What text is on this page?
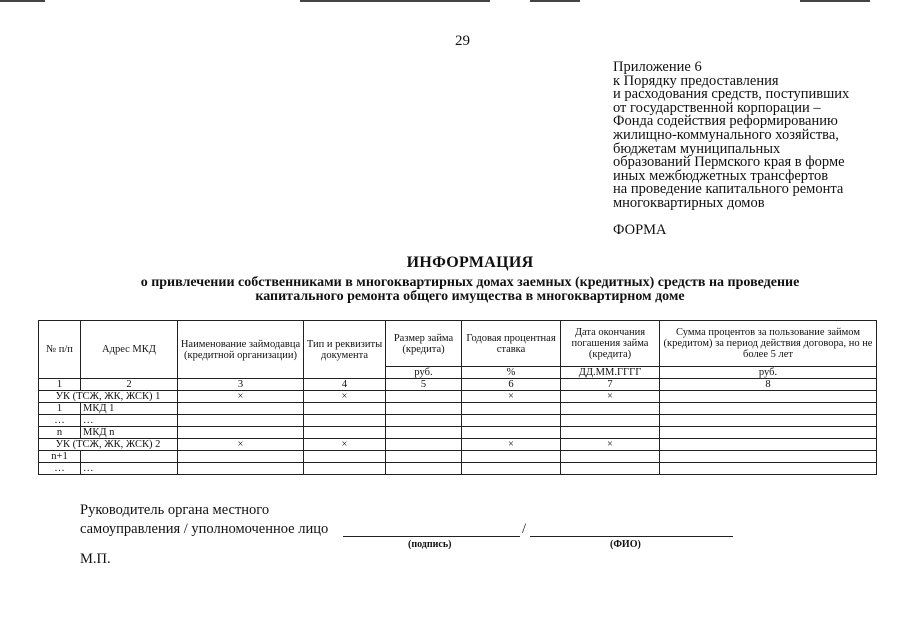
29
Приложение 6
к Порядку предоставления
и расходования средств, поступивших
от государственной корпорации –
Фонда содействия реформированию
жилищно-коммунального хозяйства,
бюджетам муниципальных
образований Пермского края в форме
иных межбюджетных трансфертов
на проведение капитального ремонта
многоквартирных домов
ФОРМА
ИНФОРМАЦИЯ
о привлечении собственниками в многоквартирных домах заемных (кредитных) средств на проведение
капитального ремонта общего имущества в многоквартирном доме
№ п/п	Адрес МКД	Наименование займодавца (кредитной организации)	Тип и реквизиты документа	Размер займа (кредита)	Годовая процентная ставка	Дата окончания погашения займа (кредита)	Сумма процентов за пользование займом (кредитом) за период действия договора, но не более 5 лет
				руб.	%	ДД.ММ.ГГГГ	руб.
1	2	3	4	5	6	7	8
УК (ТСЖ, ЖК, ЖСК) 1		×	×		×	×	
1	МКД 1						
…	…						
n	МКД n						
УК (ТСЖ, ЖК, ЖСК) 2		×	×		×	×	
n+1							
…	…						
Руководитель органа местного
самоуправления / уполномоченное лицо	/
(подпись)	(ФИО)
М.П.
